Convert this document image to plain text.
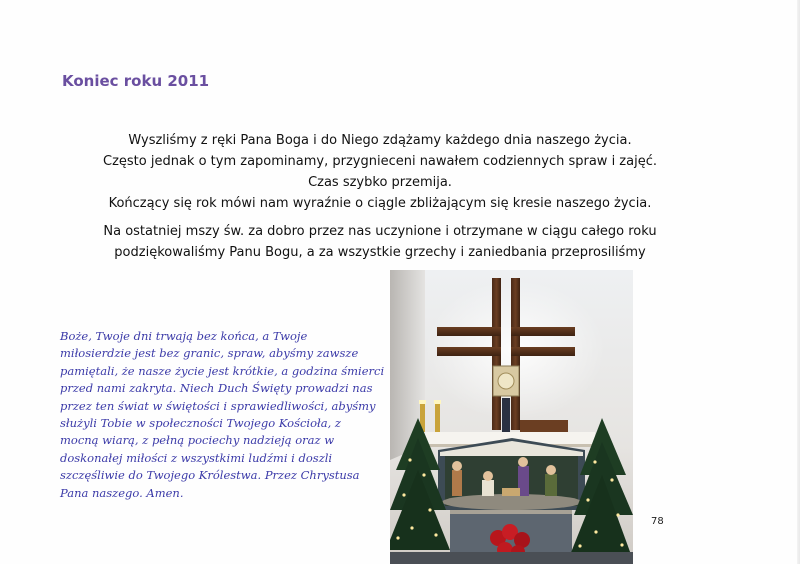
Koniec roku 2011
Wyszliśmy z ręki Pana Boga i do Niego zdążamy każdego dnia naszego życia.
Często jednak o tym zapominamy, przygnieceni nawałem codziennych spraw i zajęć.
Czas szybko przemija.
Kończący się rok mówi nam wyraźnie o ciągle zbliżającym się kresie naszego życia.
Na ostatniej mszy św. za dobro przez nas uczynione i otrzymane w ciągu całego roku
podziękowaliśmy Panu Bogu, a za wszystkie grzechy i zaniedbania przeprosiliśmy
Boże, Twoje dni trwają bez końca, a Twoje
miłosierdzie jest bez granic, spraw, abyśmy zawsze
pamiętali, że nasze życie jest krótkie, a godzina śmierci
przed nami zakryta. Niech Duch Święty prowadzi nas
przez ten świat w świętości i sprawiedliwości, abyśmy
służyli Tobie w społeczności Twojego Kościoła, z
mocną wiarą, z pełną pociechy nadzieją oraz w
doskonałej miłości z wszystkimi ludźmi i doszli
szczęśliwie do Twojego Królestwa. Przez Chrystusa
Pana naszego. Amen.
78
